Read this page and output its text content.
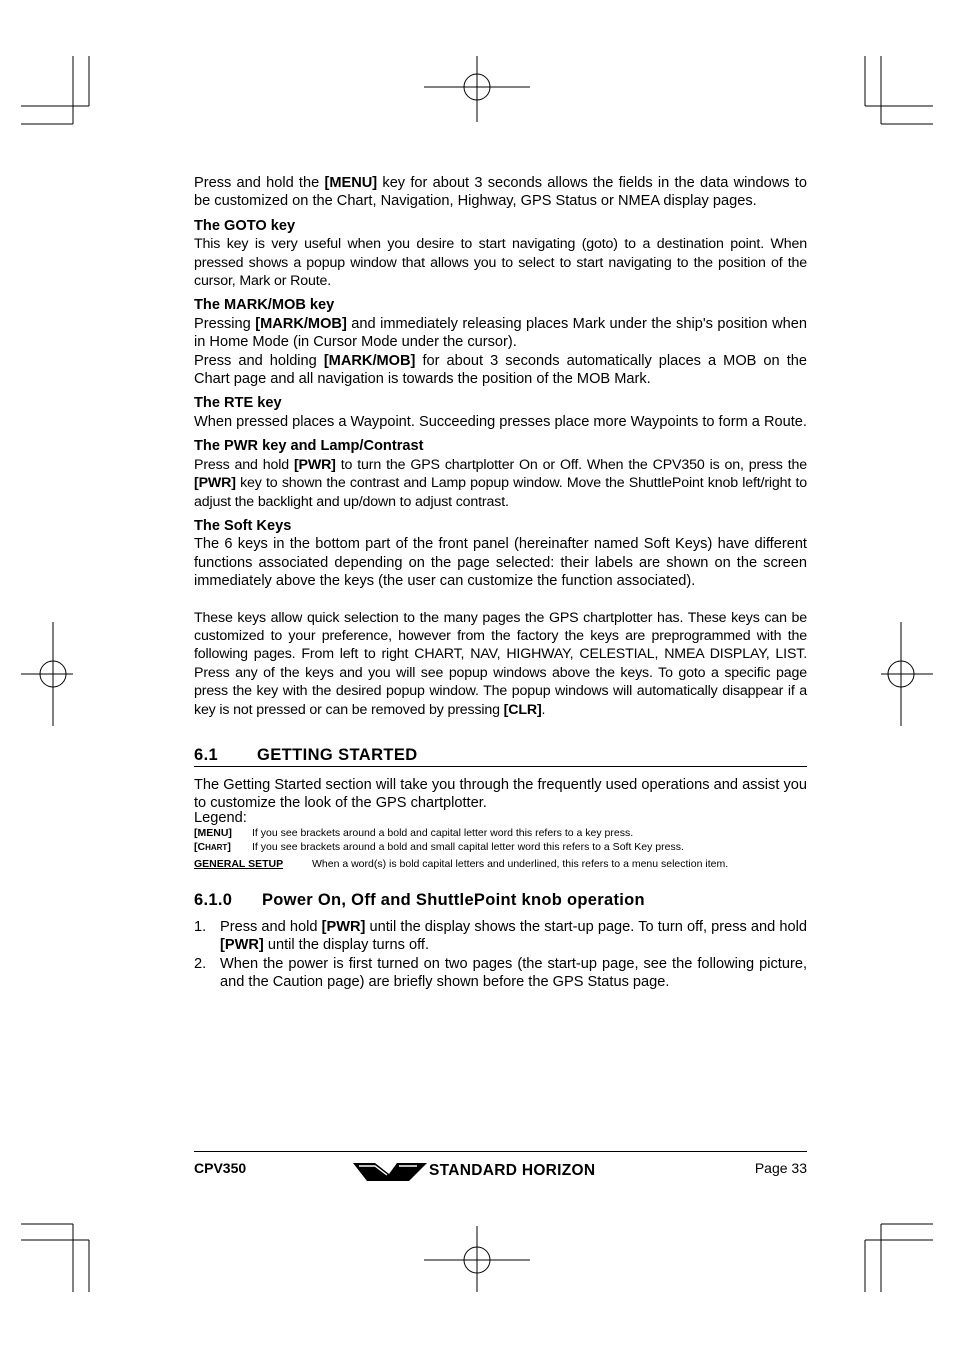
Press and hold the [MENU] key for about 3 seconds allows the fields in the data windows to be customized on the Chart, Navigation, Highway, GPS Status or NMEA display pages.

The GOTO key

This key is very useful when you desire to start navigating (goto) to a destination point. When pressed shows a popup window that allows you to select to start navigating to the position of the cursor, Mark or Route.

The MARK/MOB key

Pressing [MARK/MOB] and immediately releasing places Mark under the ship's position when in Home Mode (in Cursor Mode under the cursor).

Press and holding [MARK/MOB] for about 3 seconds automatically places a MOB on the Chart page and all navigation is towards the position of the MOB Mark.

The RTE key

When pressed places a Waypoint. Succeeding presses place more Waypoints to form a Route.

The PWR key and Lamp/Contrast

Press and hold [PWR] to turn the GPS chartplotter On or Off. When the CPV350 is on, press the [PWR] key to shown the contrast and Lamp popup window. Move the ShuttlePoint knob left/right to adjust the backlight and up/down to adjust contrast.

The Soft Keys

The 6 keys in the bottom part of the front panel (hereinafter named Soft Keys) have different functions associated depending on the page selected: their labels are shown on the screen immediately above the keys (the user can customize the function associated).

These keys allow quick selection to the many pages the GPS chartplotter has. These keys can be customized to your preference, however from the factory the keys are preprogrammed with the following pages. From left to right CHART, NAV, HIGHWAY, CELESTIAL, NMEA DISPLAY, LIST. Press any of the keys and you will see popup windows above the keys. To goto a specific page press the key with the desired popup window. The popup windows will automatically disappear if a key is not pressed or can be removed by pressing [CLR].

6.1 GETTING STARTED

The Getting Started section will take you through the frequently used operations and assist you to customize the look of the GPS chartplotter.

Legend:
[MENU]	If you see brackets around a bold and capital letter word this refers to a key press.
[CHART]	If you see brackets around a bold and small capital letter word this refers to a Soft Key press.
GENERAL SETUP	When a word(s) is bold capital letters and underlined, this refers to a menu selection item.
6.1.0 Power On, Off and ShuttlePoint knob operation
1. Press and hold [PWR] until the display shows the start-up page. To turn off, press and hold [PWR] until the display turns off.
2. When the power is first turned on two pages (the start-up page, see the following picture, and the Caution page) are briefly shown before the GPS Status page.
CPV350	STANDARD HORIZON	Page 33
